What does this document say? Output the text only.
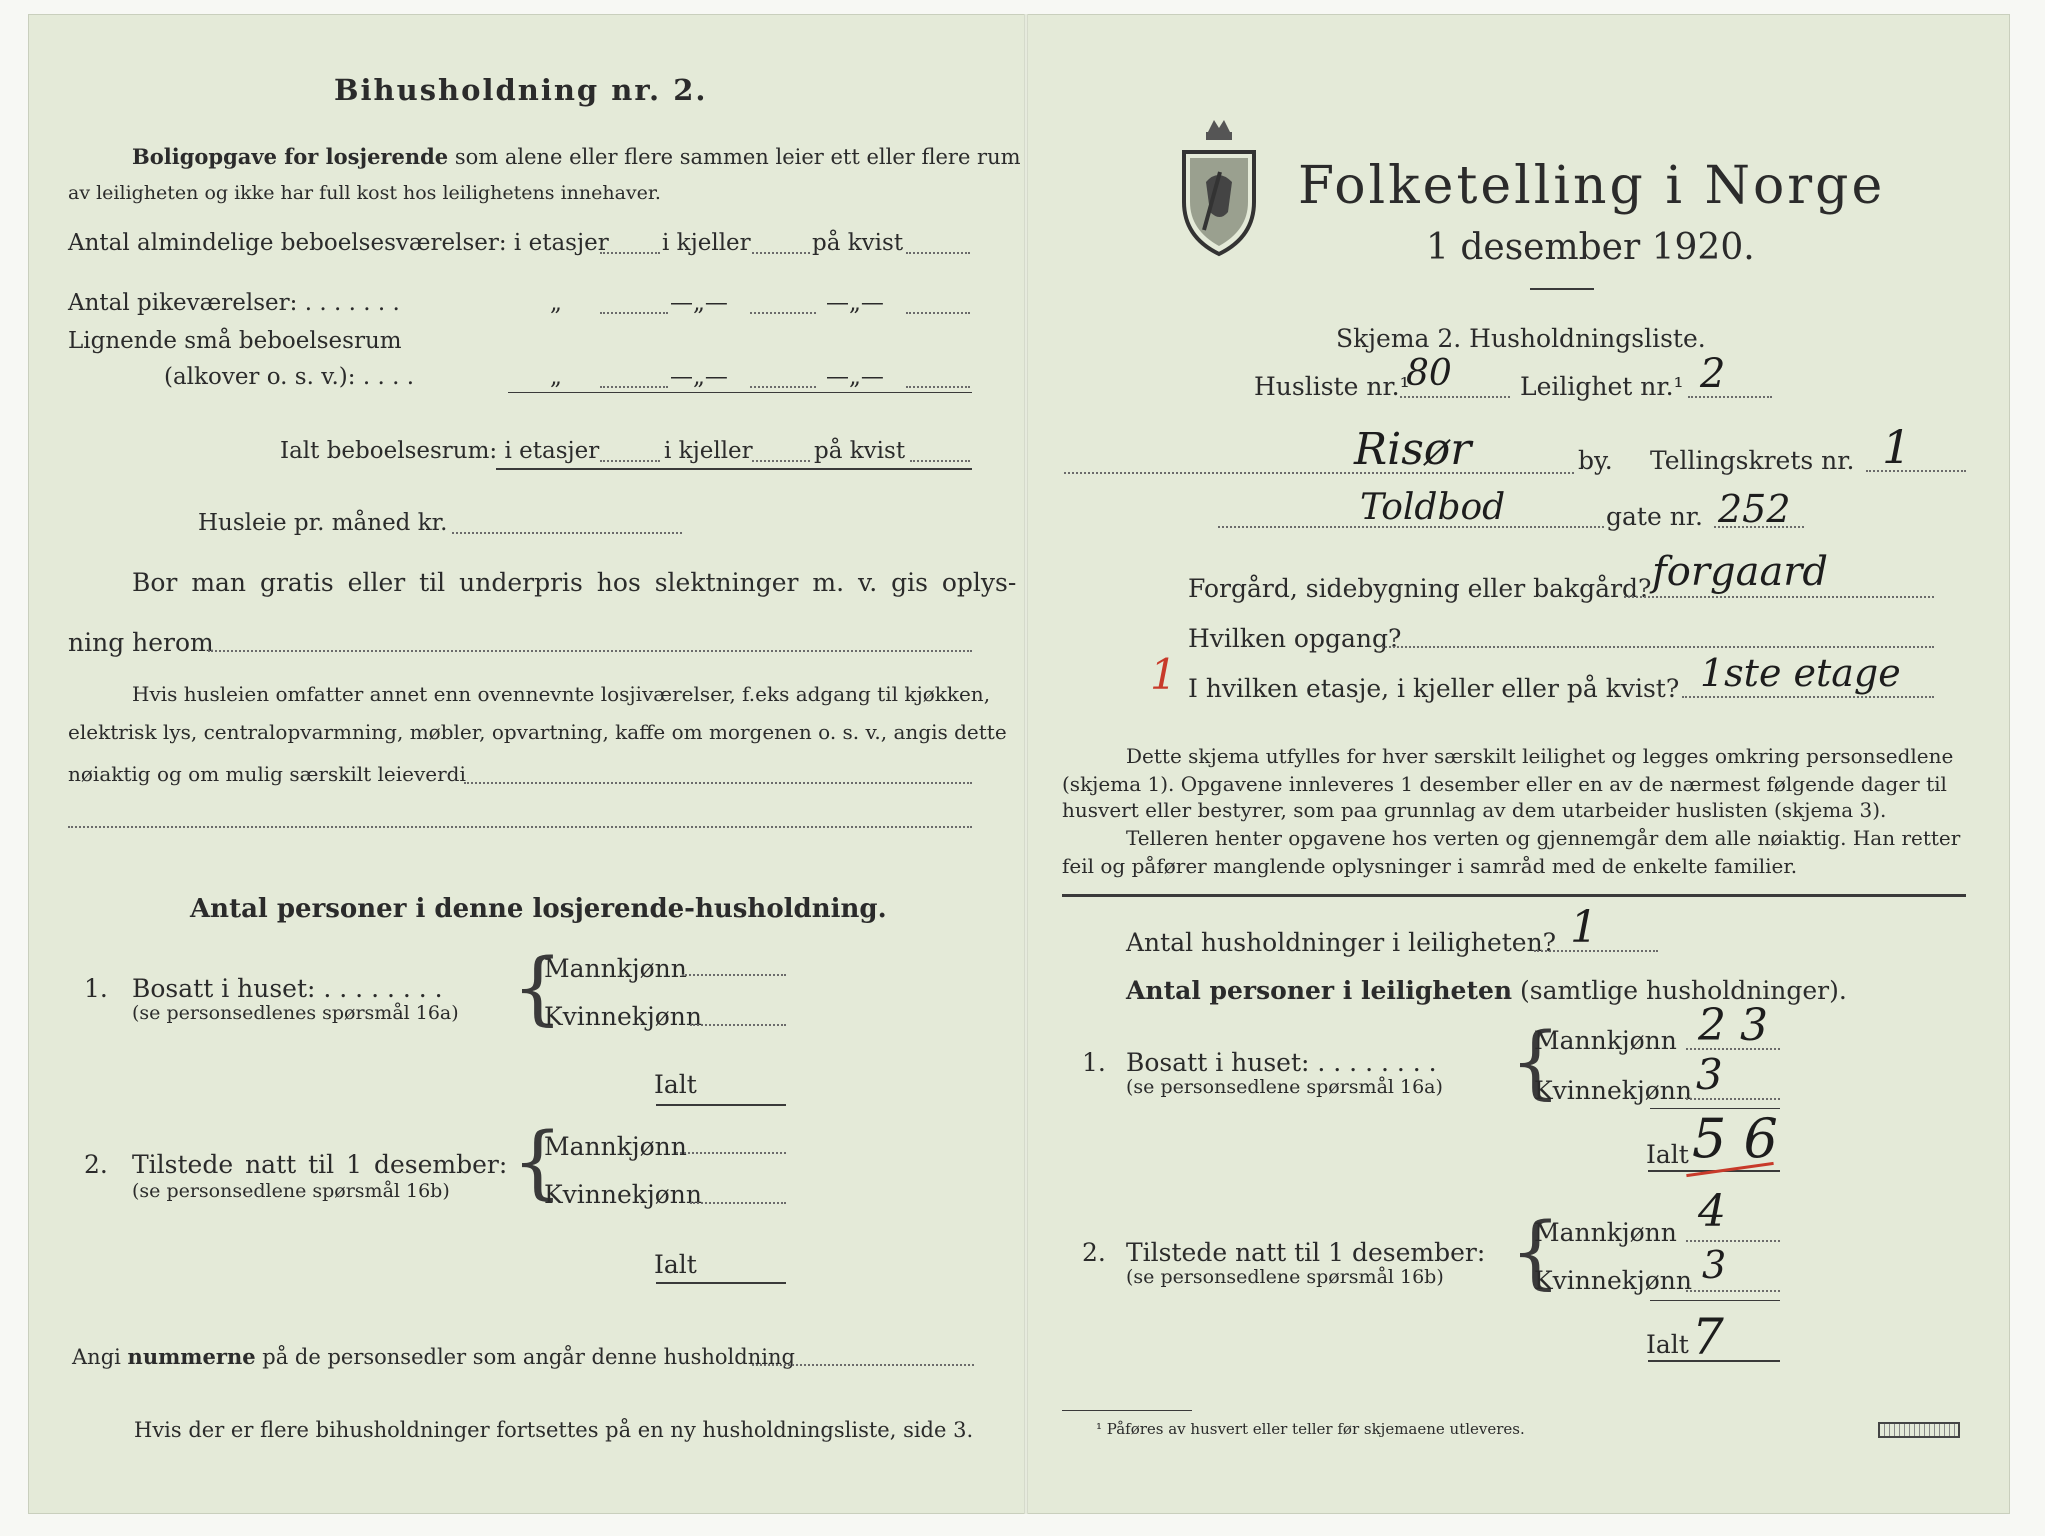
Bihusholdning nr. 2.
Boligopgave for losjerende som alene eller flere sammen leier ett eller flere rum
av leiligheten og ikke har full kost hos leilighetens innehaver.
Antal almindelige beboelsesværelser: i etasjer i kjeller	på kvist
Antal pikeværelser: . . . . . . .	„	—„—	—„—
Lignende små beboelsesrum
(alkover o. s. v.): . . . .	„	—„—	—„—
Ialt beboelsesrum: i etasjer	i kjeller	på kvist
Husleie pr. måned kr.
Bor man gratis eller til underpris hos slektninger m. v. gis oplys-
ning herom
Hvis husleien omfatter annet enn ovennevnte losjiværelser, f.eks adgang til kjøkken,
elektrisk lys, centralopvarmning, møbler, opvartning, kaffe om morgenen o. s. v., angis dette
nøiaktig og om mulig særskilt leieverdi
Antal personer i denne losjerende-husholdning.
1. Bosatt i huset: . . . . . . . .
(se personsedlenes spørsmål 16a) {
Mannkjønn
Kvinnekjønn
Ialt
2. Tilstede natt til 1 desember:
(se personsedlene spørsmål 16b) {
Mannkjønn
Kvinnekjønn
Ialt
Angi nummerne på de personsedler som angår denne husholdning
Hvis der er flere bihusholdninger fortsettes på en ny husholdningsliste, side 3.
Folketelling i Norge
1 desember 1920.
Skjema 2. Husholdningsliste.
Husliste nr.¹
80	Leilighet nr.¹ 2
Risør	by. Tellingskrets nr. 1
Toldbod	gate nr. 252
Forgård, sidebygning eller bakgård? forgaard
Hvilken opgang?
1 I hvilken etasje, i kjeller eller på kvist? 1ste etage
Dette skjema utfylles for hver særskilt leilighet og legges omkring personsedlene
(skjema 1). Opgavene innleveres 1 desember eller en av de nærmest følgende dager til
husvert eller bestyrer, som paa grunnlag av dem utarbeider huslisten (skjema 3).
Telleren henter opgavene hos verten og gjennemgår dem alle nøiaktig. Han retter
feil og påfører manglende oplysninger i samråd med de enkelte familier.
Antal husholdninger i leiligheten? 1
Antal personer i leiligheten (samtlige husholdninger).
1. Bosatt i huset: . . . . . . . .
(se personsedlene spørsmål 16a) {
Mannkjønn 2 3
Kvinnekjønn 3
Ialt 5 6
2. Tilstede natt til 1 desember:
(se personsedlene spørsmål 16b) {
Mannkjønn 4
Kvinnekjønn 3
Ialt 7
¹ Påføres av husvert eller teller før skjemaene utleveres.
